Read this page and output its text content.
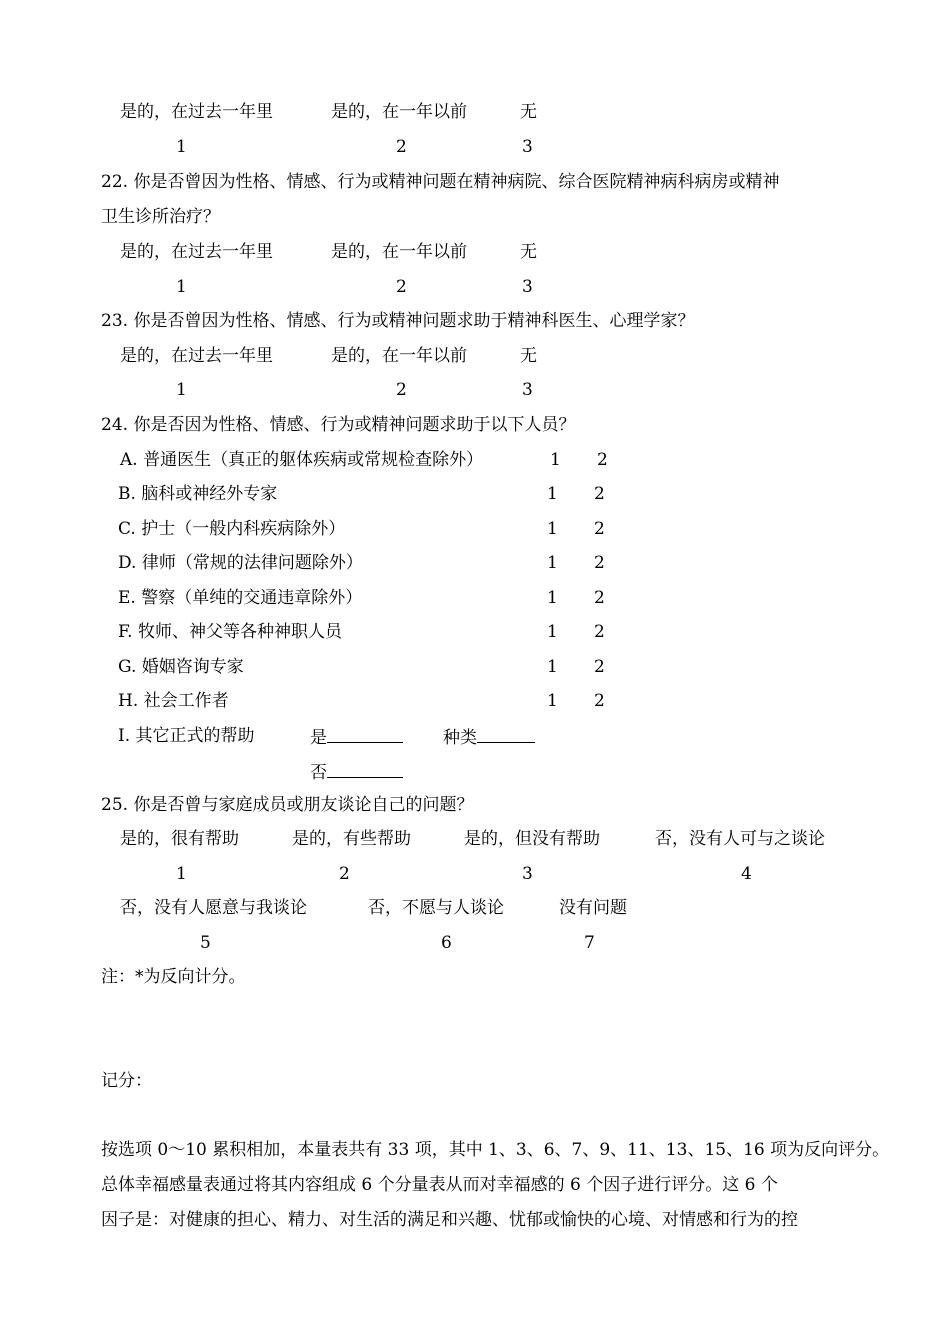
是的，在过去一年里	是的，在一年以前	无
1	2	3
22. 你是否曾因为性格、情感、行为或精神问题在精神病院、综合医院精神病科病房或精神
卫生诊所治疗？
是的，在过去一年里	是的，在一年以前	无
1	2	3
23. 你是否曾因为性格、情感、行为或精神问题求助于精神科医生、心理学家？
是的，在过去一年里	是的，在一年以前	无
1	2	3
24. 你是否因为性格、情感、行为或精神问题求助于以下人员？
A. 普通医生（真正的躯体疾病或常规检查除外）	1 2
B. 脑科或神经外专家	1 2
C. 护士（一般内科疾病除外）	1 2
D. 律师（常规的法律问题除外）	1 2
E. 警察（单纯的交通违章除外）	1 2
F. 牧师、神父等各种神职人员	1 2
G. 婚姻咨询专家	1 2
H. 社会工作者	1 2
I. 其它正式的帮助	是	种类
否
25. 你是否曾与家庭成员或朋友谈论自己的问题？
是的，很有帮助	是的，有些帮助	是的，但没有帮助	否，没有人可与之谈论
1	2	3	4
否，没有人愿意与我谈论	否，不愿与人谈论	没有问题
5	6	7
注：*为反向计分。
记分：
按选项 0～10 累积相加，本量表共有 33 项，其中 1、3、6、7、9、11、13、15、16 项为反向评分。
总体幸福感量表通过将其内容组成 6 个分量表从而对幸福感的 6 个因子进行评分。这 6 个
因子是：对健康的担心、精力、对生活的满足和兴趣、忧郁或愉快的心境、对情感和行为的控
